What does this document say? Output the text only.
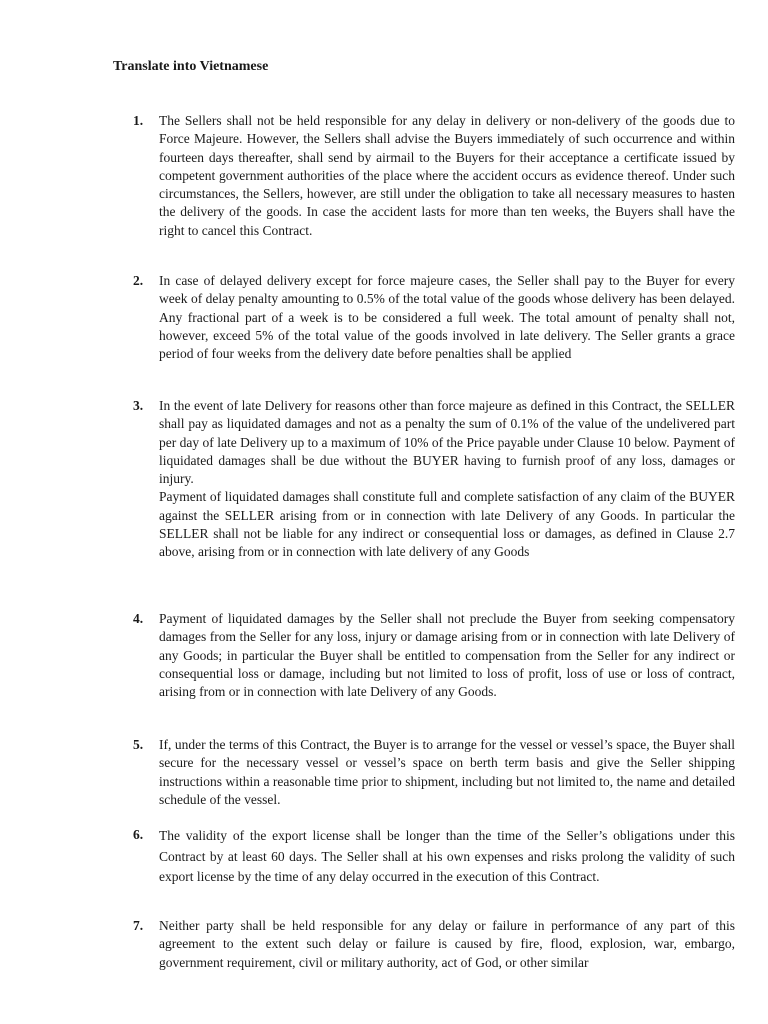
Translate into Vietnamese
1. The Sellers shall not be held responsible for any delay in delivery or non-delivery of the goods due to Force Majeure. However, the Sellers shall advise the Buyers immediately of such occurrence and within fourteen days thereafter, shall send by airmail to the Buyers for their acceptance a certificate issued by competent government authorities of the place where the accident occurs as evidence thereof. Under such circumstances, the Sellers, however, are still under the obligation to take all necessary measures to hasten the delivery of the goods. In case the accident lasts for more than ten weeks, the Buyers shall have the right to cancel this Contract.

2. In case of delayed delivery except for force majeure cases, the Seller shall pay to the Buyer for every week of delay penalty amounting to 0.5% of the total value of the goods whose delivery has been delayed. Any fractional part of a week is to be considered a full week. The total amount of penalty shall not, however, exceed 5% of the total value of the goods involved in late delivery. The Seller grants a grace period of four weeks from the delivery date before penalties shall be applied

3. In the event of late Delivery for reasons other than force majeure as defined in this Contract, the SELLER shall pay as liquidated damages and not as a penalty the sum of 0.1% of the value of the undelivered part per day of late Delivery up to a maximum of 10% of the Price payable under Clause 10 below. Payment of liquidated damages shall be due without the BUYER having to furnish proof of any loss, damages or injury.

Payment of liquidated damages shall constitute full and complete satisfaction of any claim of the BUYER against the SELLER arising from or in connection with late Delivery of any Goods. In particular the SELLER shall not be liable for any indirect or consequential loss or damages, as defined in Clause 2.7 above, arising from or in connection with late delivery of any Goods

4. Payment of liquidated damages by the Seller shall not preclude the Buyer from seeking compensatory damages from the Seller for any loss, injury or damage arising from or in connection with late Delivery of any Goods; in particular the Buyer shall be entitled to compensation from the Seller for any indirect or consequential loss or damage, including but not limited to loss of profit, loss of use or loss of contract, arising from or in connection with late Delivery of any Goods.

5. If, under the terms of this Contract, the Buyer is to arrange for the vessel or vessel’s space, the Buyer shall secure for the necessary vessel or vessel’s space on berth term basis and give the Seller shipping instructions within a reasonable time prior to shipment, including but not limited to, the name and detailed schedule of the vessel.

6. The validity of the export license shall be longer than the time of the Seller’s obligations under this Contract by at least 60 days. The Seller shall at his own expenses and risks prolong the validity of such export license by the time of any delay occurred in the execution of this Contract.

7. Neither party shall be held responsible for any delay or failure in performance of any part of this agreement to the extent such delay or failure is caused by fire, flood, explosion, war, embargo, government requirement, civil or military authority, act of God, or other similar
